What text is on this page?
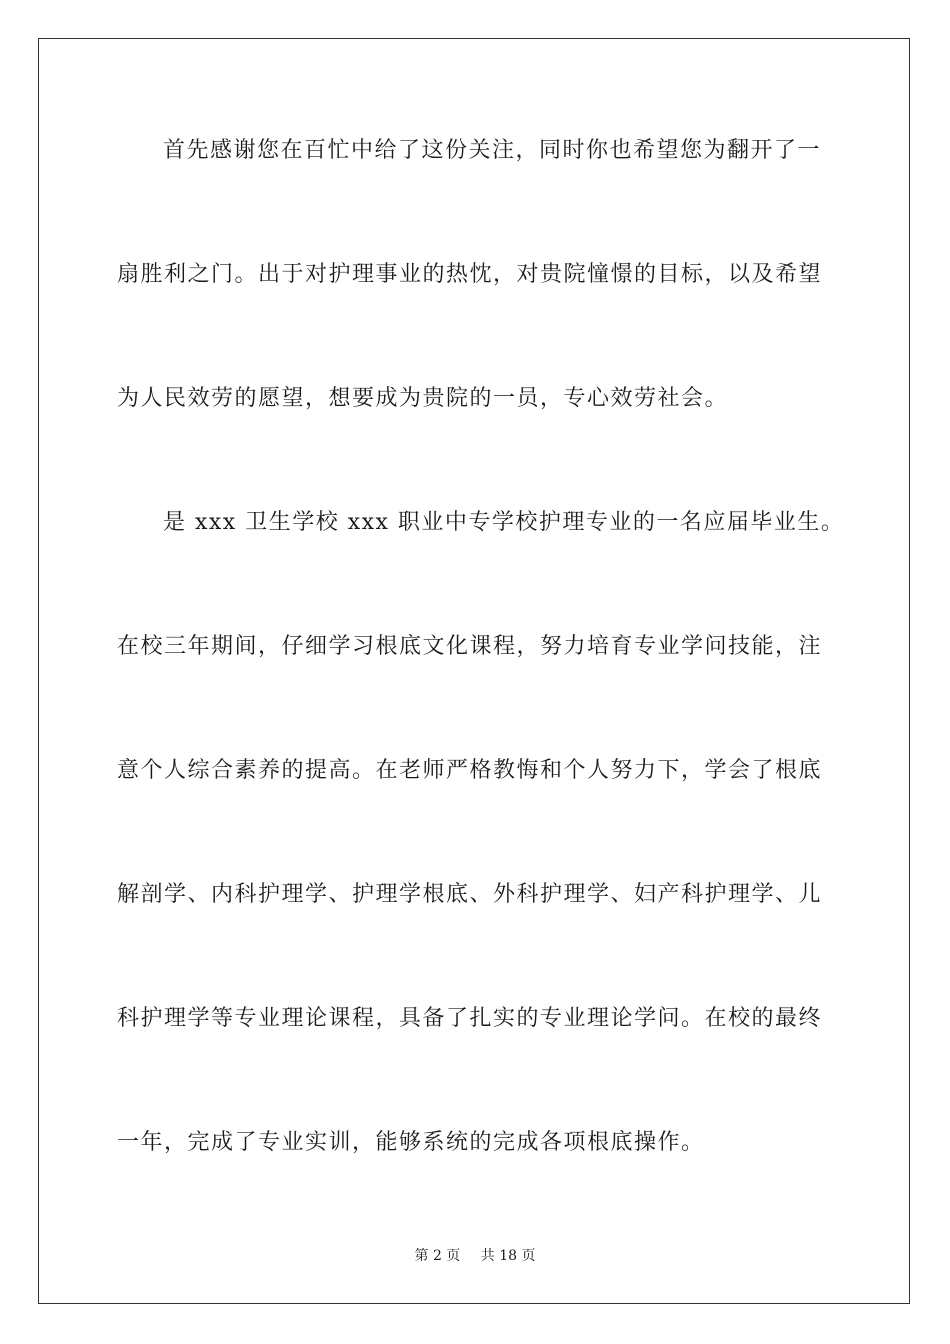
首先感谢您在百忙中给了这份关注，同时你也希望您为翻开了一
扇胜利之门。出于对护理事业的热忱，对贵院憧憬的目标，以及希望
为人民效劳的愿望，想要成为贵院的一员，专心效劳社会。
是 xxx 卫生学校 xxx 职业中专学校护理专业的一名应届毕业生。
在校三年期间，仔细学习根底文化课程，努力培育专业学问技能，注
意个人综合素养的提高。在老师严格教悔和个人努力下，学会了根底
解剖学、内科护理学、护理学根底、外科护理学、妇产科护理学、儿
科护理学等专业理论课程，具备了扎实的专业理论学问。在校的最终
一年，完成了专业实训，能够系统的完成各项根底操作。
第 2 页 共 18 页
